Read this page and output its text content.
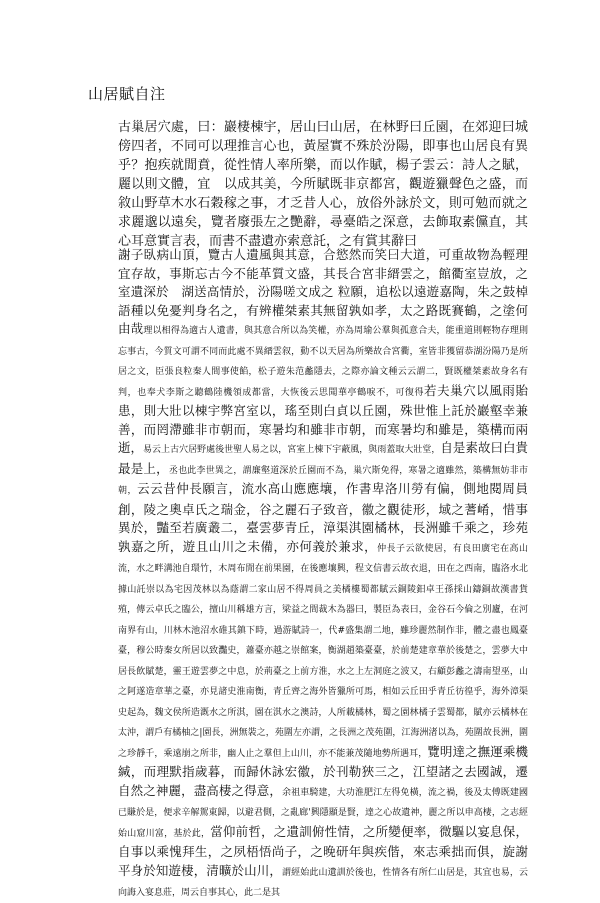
山居賦自注
古巢居穴處，曰：巖棲棟宇，居山曰山居，在林野曰丘園，在郊迎曰城傍四者，不同可以理推言心也，黃屋實不殊於汾陽，即事也山居良有異乎？抱疾就閒賁，從性情人率所樂，而以作賦，楊子雲云：詩人之賦，麗以則文體，宜　以成其美，今所賦既非京都宮，觀遊獵聲色之盛，而敘山野草木水石穀稼之事，才乏昔人心，放俗外詠於文，則可勉而就之求麗邈以遠矣，覽者廢張左之艷辭，尋臺皓之深意，去飾取素儻直，其心耳意實言表，而書不盡遺亦索意託，之有賞其辭曰
謝子臥病山頂，覽古人遺風與其意，合慾然而笑曰大道，可重故物為輕理宜存故，事斯忘古今不能革質文盛，其長合宮非縉雲之，館衢室豈放，之室遺深於　湖送高情於，汾陽嗟文成之 粒願，追松以遠遊嘉陶，朱之鼓棹　語種以免憂判身名之，有辨權桀素其無留孰如孝，太之路既賽鶴，之塗何由哉理以相得為適古人遺書，與其意合所以為笑權，亦為周瑜公羣與孤意合夫，能重道則輕物存理則忘事古，今質文可謂不同而此處不異縉雲叙，動不以天居為所樂故合宮衢，室皆非獲留恭湖汾陽乃是所居之文，臣張良粒秦人間事使餡，松子遊朱范蠡隱去，之際亦論文種云云謂二，賢既權桀素故身名有判，也奉犬李斯之聽鶴陸機領成都當，大恢後云思聞華亭鶴唳不，可復得若夫巢穴以風雨貽患，則大壯以棟宇弊宮室以，瑤至則白貞以丘園，殊世惟上託於巖壑幸兼善，而罔滯雖非市朝而，寒暑均和雖非市朝，而寒暑均和雖是，築構而兩逝，易云上古穴居野處後世聖人易之以，宮室上棟下宇蔽風，與雨蓋取大壯堂，自是素故曰白貴最是上，丞也此李世異之，謂廉壑道深於丘園而不為，巢穴斯免得，寒暑之適雖然，築構無妨非市朝，云云昔仲長願言，流水高山應應壤，作書卑洛川勞有偏，側地閱周員創，陵之奧卓氏之瑞金，谷之麗石子致音，徽之觀徒形，域之蓍崤，惜事異於，豔至若廣叢二，臺雲夢青丘，漳渠淇園橘林，長洲雖千乘之，珍苑孰嘉之所，遊且山川之未備，亦何義於兼求，仲長子云欲使居，有良田廣宅在高山流，水之畔溝池自環竹，木周布閒在前果園，在後應壤興，程文信書云故衣退，田在之西南，臨洛水北據山託崇以為宅因茂林以為蔭謂二家山居不得周員之美橘樓蜀都賦云銅陵鈤卓王孫採山鑄銅故漢書貨殖，傳云卓氏之臨公，擅山川稱雄方言，梁益之間裁木為器曰，製臣為表曰，金谷石今倫之別廬，在河南界有山，川林木池沼水碓其鎮下時，過游賦詩一，代#盛集謂二地，雖珍麗然制作非，體之盡也鳳臺臺，穆公時秦女所居以致灩史，蕭臺亦越之崇館案，衡湖趙築臺臺，於前楚建章華於後楚之，雲夢大中居長飲賦楚，靈王遊雲夢之中息，於荊臺之上前方淮，水之上左洞庭之波又，右顧彭蠡之濤南望巫，山之阿遂造章華之臺，亦見諸史淮南衡，青丘齊之海外皆獵所可馬，相如云丘田乎青丘彷徨乎，海外漳渠史起為，魏文侯所造溉水之所淇，園在淇水之澳詩，人所載橘林，蜀之園林橘子雲蜀都，賦亦云橘林在太沖，謂戶有橘柚之|園長，洲無裝之，苑圍左亦謂，之長洲之茂苑圍，江海洲渚以為，苑圍故長洲，圍之珍靜千，乘遠崩之所非，幽人止之羣但上山川，亦不能兼茂隨地勢所遇耳，覽明達之撫運乘機緘，而理默指歲暮，而歸休詠宏徽，於刊勒狹三之，江望諸之去國誠，遷自然之神麗，盡高棲之得意，余祖車騎建，大功淮肥江左得免橫，流之禍，後及太傅既建國已賺於是，便求辛解駕東歸，以避君側，之亂廊'興隱顯是賢，達之心故遺神，麗之所以申高棲，之志經始山窟川富，基於此，當仰前哲，之遺訓俯性情，之所變便率，微驅以宴息保，自事以乘愧拜生，之夙梧悟尚子，之晚研年與疾偕，來志乘拙而俱，旋謝平身於知遊棲，清曠於山川，謂經始此山遺訓於後也，性情各有所仁山居是，其宜也易，云向誨入宴息莊，周云自事其心，此二是其
